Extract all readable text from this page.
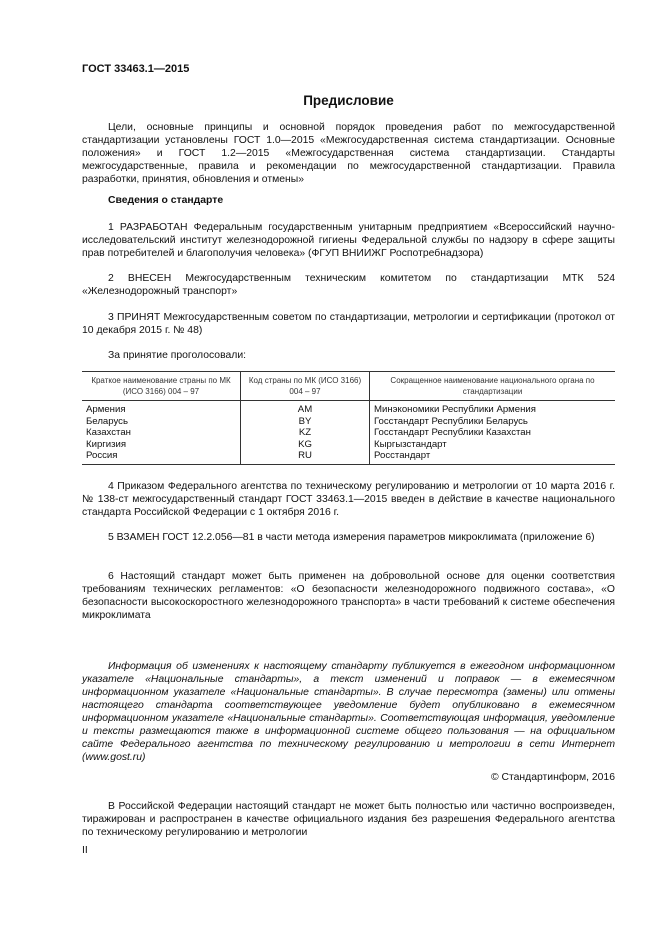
ГОСТ 33463.1—2015
Предисловие

Цели, основные принципы и основной порядок проведения работ по межгосударственной стандартизации установлены ГОСТ 1.0—2015 «Межгосударственная система стандартизации. Основные положения» и ГОСТ 1.2—2015 «Межгосударственная система стандартизации. Стандарты межгосударственные, правила и рекомендации по межгосударственной стандартизации. Правила разработки, принятия, обновления и отмены»

Сведения о стандарте

1 РАЗРАБОТАН Федеральным государственным унитарным предприятием «Всероссийский научно-исследовательский институт железнодорожной гигиены Федеральной службы по надзору в сфере защиты прав потребителей и благополучия человека» (ФГУП ВНИИЖГ Роспотребнадзора)

2 ВНЕСЕН Межгосударственным техническим комитетом по стандартизации МТК 524 «Железнодорожный транспорт»

3 ПРИНЯТ Межгосударственным советом по стандартизации, метрологии и сертификации (протокол от 10 декабря 2015 г. № 48)

За принятие проголосовали:
Краткое наименование страны по МК (ИСО 3166) 004 – 97	Код страны по МК (ИСО 3166) 004 – 97	Сокращенное наименование национального органа по стандартизации
Армения	AM	Минэкономики Республики Армения
Беларусь	BY	Госстандарт Республики Беларусь
Казахстан	KZ	Госстандарт Республики Казахстан
Киргизия	KG	Кыргызстандарт
Россия	RU	Росстандарт

4 Приказом Федерального агентства по техническому регулированию и метрологии от 10 марта 2016 г. № 138-ст межгосударственный стандарт ГОСТ 33463.1—2015 введен в действие в качестве национального стандарта Российской Федерации с 1 октября 2016 г.

5 ВЗАМЕН ГОСТ 12.2.056—81 в части метода измерения параметров микроклимата (приложение 6)

6 Настоящий стандарт может быть применен на добровольной основе для оценки соответствия требованиям технических регламентов: «О безопасности железнодорожного подвижного состава», «О безопасности высокоскоростного железнодорожного транспорта» в части требований к системе обеспечения микроклимата

Информация об изменениях к настоящему стандарту публикуется в ежегодном информационном указателе «Национальные стандарты», а текст изменений и поправок — в ежемесячном информационном указателе «Национальные стандарты». В случае пересмотра (замены) или отмены настоящего стандарта соответствующее уведомление будет опубликовано в ежемесячном информационном указателе «Национальные стандарты». Соответствующая информация, уведомление и тексты размещаются также в информационной системе общего пользования — на официальном сайте Федерального агентства по техническому регулированию и метрологии в сети Интернет (www.gost.ru)

© Стандартинформ, 2016

В Российской Федерации настоящий стандарт не может быть полностью или частично воспроизведен, тиражирован и распространен в качестве официального издания без разрешения Федерального агентства по техническому регулированию и метрологии

II
